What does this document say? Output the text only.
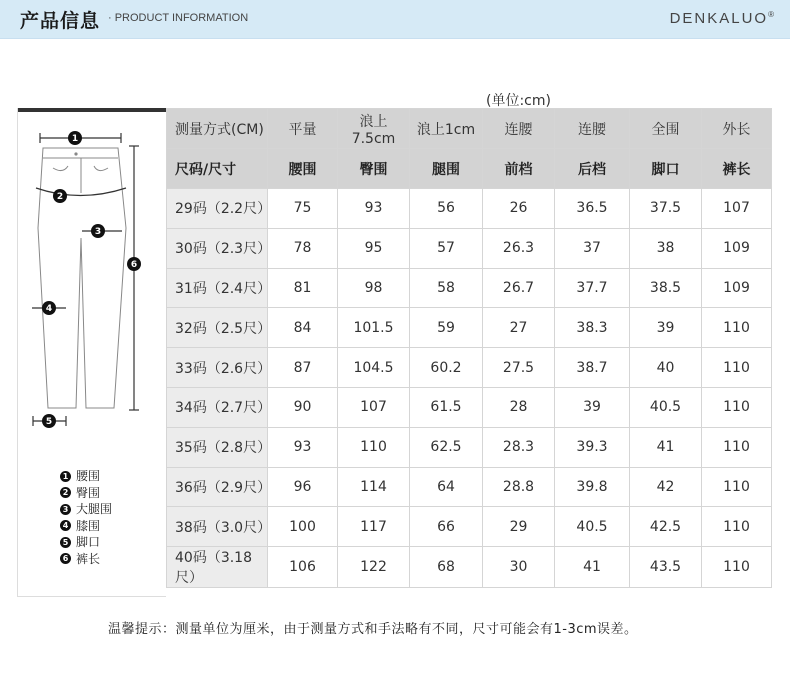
产品信息 · PRODUCT INFORMATION	DENKALUO®
(单位:cm)
1
2
3
4
5
6
1 腰围
2 臀围
3 大腿围
4 膝围
5 脚口
6 裤长
测量方式(CM)	平量	浪上7.5cm	浪上1cm	连腰	连腰	全围	外长
尺码/尺寸	腰围	臀围	腿围	前档	后档	脚口	裤长
29码（2.2尺）	75	93	56	26	36.5	37.5	107
30码（2.3尺）	78	95	57	26.3	37	38	109
31码（2.4尺）	81	98	58	26.7	37.7	38.5	109
32码（2.5尺）	84	101.5	59	27	38.3	39	110
33码（2.6尺）	87	104.5	60.2	27.5	38.7	40	110
34码（2.7尺）	90	107	61.5	28	39	40.5	110
35码（2.8尺）	93	110	62.5	28.3	39.3	41	110
36码（2.9尺）	96	114	64	28.8	39.8	42	110
38码（3.0尺）	100	117	66	29	40.5	42.5	110
40码（3.18尺）	106	122	68	30	41	43.5	110
温馨提示：测量单位为厘米，由于测量方式和手法略有不同，尺寸可能会有1-3cm误差。
